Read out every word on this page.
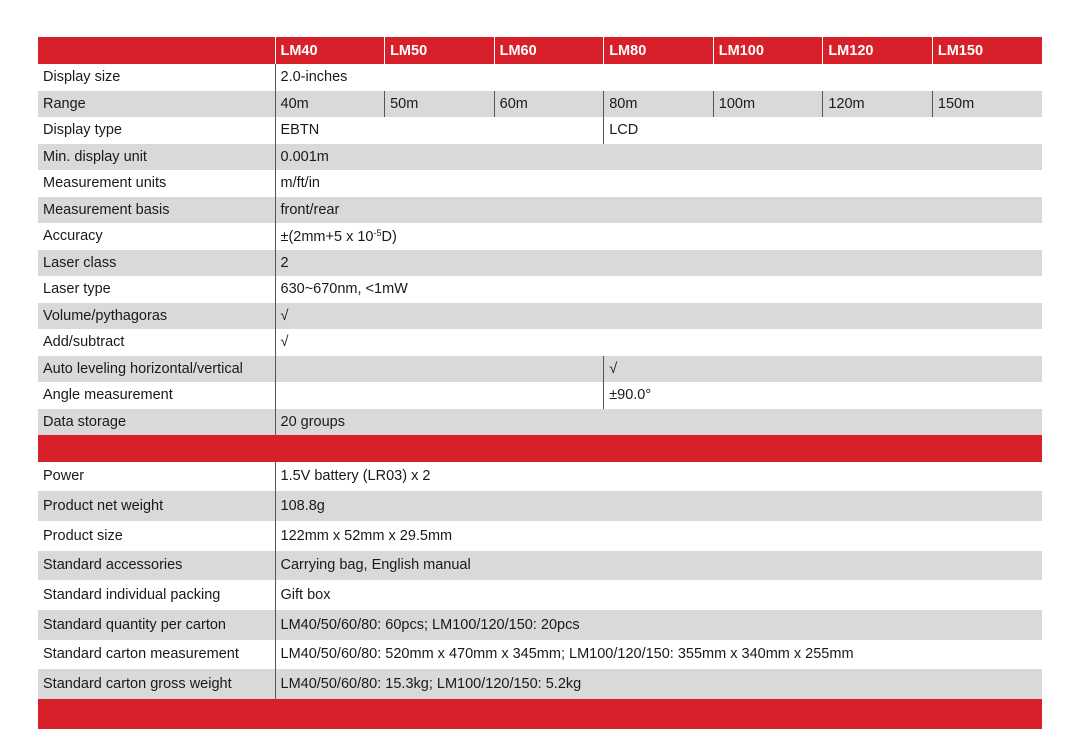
	LM40	LM50	LM60	LM80	LM100	LM120	LM150
Display size	2.0-inches						
Range	40m	50m	60m	80m	100m	120m	150m
Display type	EBTN			LCD			
Min. display unit	0.001m						
Measurement units	m/ft/in						
Measurement basis	front/rear						
Accuracy	±(2mm+5 x $10^{-5}D$)						
Laser class	2						
Laser type	630~670nm, <1mW						
Volume/pythagoras	√						
Add/subtract	√						
Auto leveling horizontal/vertical				√			
Angle measurement				±90.0°			
Data storage	20 groups						

Power	1.5V battery (LR03) x 2						
Product net weight	108.8g						
Product size	122mm x 52mm x 29.5mm						
Standard accessories	Carrying bag, English manual						
Standard individual packing	Gift box						
Standard quantity per carton	LM40/50/60/80: 60pcs; LM100/120/150: 20pcs						
Standard carton measurement	LM40/50/60/80: 520mm x 470mm x 345mm; LM100/120/150: 355mm x 340mm x 255mm						
Standard carton gross weight	LM40/50/60/80: 15.3kg; LM100/120/150: 5.2kg						
